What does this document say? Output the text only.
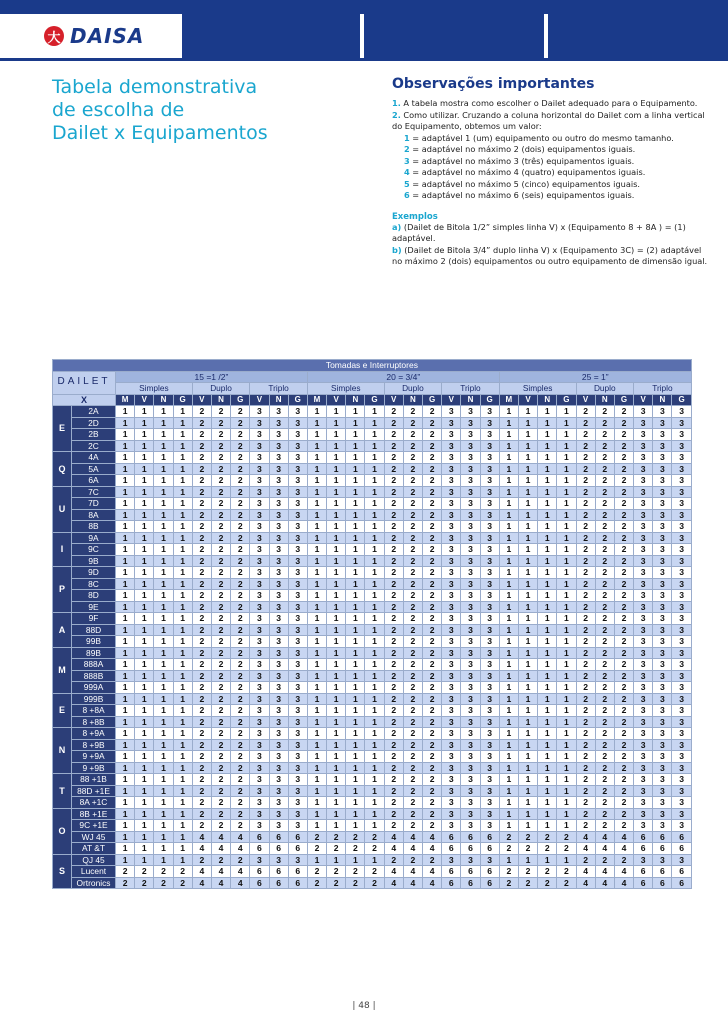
大 DAISA
Tabela demonstrativa
de escolha de
Dailet x Equipamentos
Observações importantes

1. A tabela mostra como escolher o Dailet adequado para o Equipamento.

2. Como utilizar. Cruzando a coluna horizontal do Dailet com a linha vertical do Equipamento, obtemos um valor:

1 = adaptável 1 (um) equipamento ou outro do mesmo tamanho.

2 = adaptável no máximo 2 (dois) equipamentos iguais.

3 = adaptável no máximo 3 (três) equipamentos iguais.

4 = adaptável no máximo 4 (quatro) equipamentos iguais.

5 = adaptável no máximo 5 (cinco) equipamentos iguais.

6 = adaptável no máximo 6 (seis) equipamentos iguais.

Exemplos

a) (Dailet de Bitola 1/2” simples linha V) x (Equipamento 8 + 8A ) = (1) adaptável.

b) (Dailet de Bitola 3/4” duplo linha V) x (Equipamento 3C) = (2) adaptável no máximo 2 (dois) equipamentos ou outro equipamento de dimensão igual.

Tomadas e Interruptores																															
DAILET		15 =1 /2”										20 = 3/4”										25 = 1”									
		Simples				Duplo			Triplo			Simples				Duplo			Triplo			Simples				Duplo			Triplo		
X		M	V	N	G	V	N	G	V	N	G	M	V	N	G	V	N	G	V	N	G	M	V	N	G	V	N	G	V	N	G
E	2A	1	1	1	1	2	2	2	3	3	3	1	1	1	1	2	2	2	3	3	3	1	1	1	1	2	2	2	3	3	3
	2D	1	1	1	1	2	2	2	3	3	3	1	1	1	1	2	2	2	3	3	3	1	1	1	1	2	2	2	3	3	3
	2B	1	1	1	1	2	2	2	3	3	3	1	1	1	1	2	2	2	3	3	3	1	1	1	1	2	2	2	3	3	3
	2C	1	1	1	1	2	2	2	3	3	3	1	1	1	1	2	2	2	3	3	3	1	1	1	1	2	2	2	3	3	3
Q	4A	1	1	1	1	2	2	2	3	3	3	1	1	1	1	2	2	2	3	3	3	1	1	1	1	2	2	2	3	3	3
	5A	1	1	1	1	2	2	2	3	3	3	1	1	1	1	2	2	2	3	3	3	1	1	1	1	2	2	2	3	3	3
	6A	1	1	1	1	2	2	2	3	3	3	1	1	1	1	2	2	2	3	3	3	1	1	1	1	2	2	2	3	3	3
U	7C	1	1	1	1	2	2	2	3	3	3	1	1	1	1	2	2	2	3	3	3	1	1	1	1	2	2	2	3	3	3
	7D	1	1	1	1	2	2	2	3	3	3	1	1	1	1	2	2	2	3	3	3	1	1	1	1	2	2	2	3	3	3
	8A	1	1	1	1	2	2	2	3	3	3	1	1	1	1	2	2	2	3	3	3	1	1	1	1	2	2	2	3	3	3
	8B	1	1	1	1	2	2	2	3	3	3	1	1	1	1	2	2	2	3	3	3	1	1	1	1	2	2	2	3	3	3
I	9A	1	1	1	1	2	2	2	3	3	3	1	1	1	1	2	2	2	3	3	3	1	1	1	1	2	2	2	3	3	3
	9C	1	1	1	1	2	2	2	3	3	3	1	1	1	1	2	2	2	3	3	3	1	1	1	1	2	2	2	3	3	3
	9B	1	1	1	1	2	2	2	3	3	3	1	1	1	1	2	2	2	3	3	3	1	1	1	1	2	2	2	3	3	3
P	9D	1	1	1	1	2	2	2	3	3	3	1	1	1	1	2	2	2	3	3	3	1	1	1	1	2	2	2	3	3	3
	8C	1	1	1	1	2	2	2	3	3	3	1	1	1	1	2	2	2	3	3	3	1	1	1	1	2	2	2	3	3	3
	8D	1	1	1	1	2	2	2	3	3	3	1	1	1	1	2	2	2	3	3	3	1	1	1	1	2	2	2	3	3	3
	9E	1	1	1	1	2	2	2	3	3	3	1	1	1	1	2	2	2	3	3	3	1	1	1	1	2	2	2	3	3	3
A	9F	1	1	1	1	2	2	2	3	3	3	1	1	1	1	2	2	2	3	3	3	1	1	1	1	2	2	2	3	3	3
	88D	1	1	1	1	2	2	2	3	3	3	1	1	1	1	2	2	2	3	3	3	1	1	1	1	2	2	2	3	3	3
	99B	1	1	1	1	2	2	2	3	3	3	1	1	1	1	2	2	2	3	3	3	1	1	1	1	2	2	2	3	3	3
M	89B	1	1	1	1	2	2	2	3	3	3	1	1	1	1	2	2	2	3	3	3	1	1	1	1	2	2	2	3	3	3
	888A	1	1	1	1	2	2	2	3	3	3	1	1	1	1	2	2	2	3	3	3	1	1	1	1	2	2	2	3	3	3
	888B	1	1	1	1	2	2	2	3	3	3	1	1	1	1	2	2	2	3	3	3	1	1	1	1	2	2	2	3	3	3
	999A	1	1	1	1	2	2	2	3	3	3	1	1	1	1	2	2	2	3	3	3	1	1	1	1	2	2	2	3	3	3
E	999B	1	1	1	1	2	2	2	3	3	3	1	1	1	1	2	2	2	3	3	3	1	1	1	1	2	2	2	3	3	3
	8 +8A	1	1	1	1	2	2	2	3	3	3	1	1	1	1	2	2	2	3	3	3	1	1	1	1	2	2	2	3	3	3
	8 +8B	1	1	1	1	2	2	2	3	3	3	1	1	1	1	2	2	2	3	3	3	1	1	1	1	2	2	2	3	3	3
N	8 +9A	1	1	1	1	2	2	2	3	3	3	1	1	1	1	2	2	2	3	3	3	1	1	1	1	2	2	2	3	3	3
	8 +9B	1	1	1	1	2	2	2	3	3	3	1	1	1	1	2	2	2	3	3	3	1	1	1	1	2	2	2	3	3	3
	9 +9A	1	1	1	1	2	2	2	3	3	3	1	1	1	1	2	2	2	3	3	3	1	1	1	1	2	2	2	3	3	3
	9 +9B	1	1	1	1	2	2	2	3	3	3	1	1	1	1	2	2	2	3	3	3	1	1	1	1	2	2	2	3	3	3
T	88 +1B	1	1	1	1	2	2	2	3	3	3	1	1	1	1	2	2	2	3	3	3	1	1	1	1	2	2	2	3	3	3
	88D +1E	1	1	1	1	2	2	2	3	3	3	1	1	1	1	2	2	2	3	3	3	1	1	1	1	2	2	2	3	3	3
	8A +1C	1	1	1	1	2	2	2	3	3	3	1	1	1	1	2	2	2	3	3	3	1	1	1	1	2	2	2	3	3	3
O	8B +1E	1	1	1	1	2	2	2	3	3	3	1	1	1	1	2	2	2	3	3	3	1	1	1	1	2	2	2	3	3	3
	9C +1E	1	1	1	1	2	2	2	3	3	3	1	1	1	1	2	2	2	3	3	3	1	1	1	1	2	2	2	3	3	3
	WJ 45	1	1	1	1	4	4	4	6	6	6	2	2	2	2	4	4	4	6	6	6	2	2	2	2	4	4	4	6	6	6
	AT &T	1	1	1	1	4	4	4	6	6	6	2	2	2	2	4	4	4	6	6	6	2	2	2	2	4	4	4	6	6	6
S	QJ 45	1	1	1	1	2	2	2	3	3	3	1	1	1	1	2	2	2	3	3	3	1	1	1	1	2	2	2	3	3	3
	Lucent	2	2	2	2	4	4	4	6	6	6	2	2	2	2	4	4	4	6	6	6	2	2	2	2	4	4	4	6	6	6
	Ortronics	2	2	2	2	4	4	4	6	6	6	2	2	2	2	4	4	4	6	6	6	2	2	2	2	4	4	4	6	6	6
| 48 |
